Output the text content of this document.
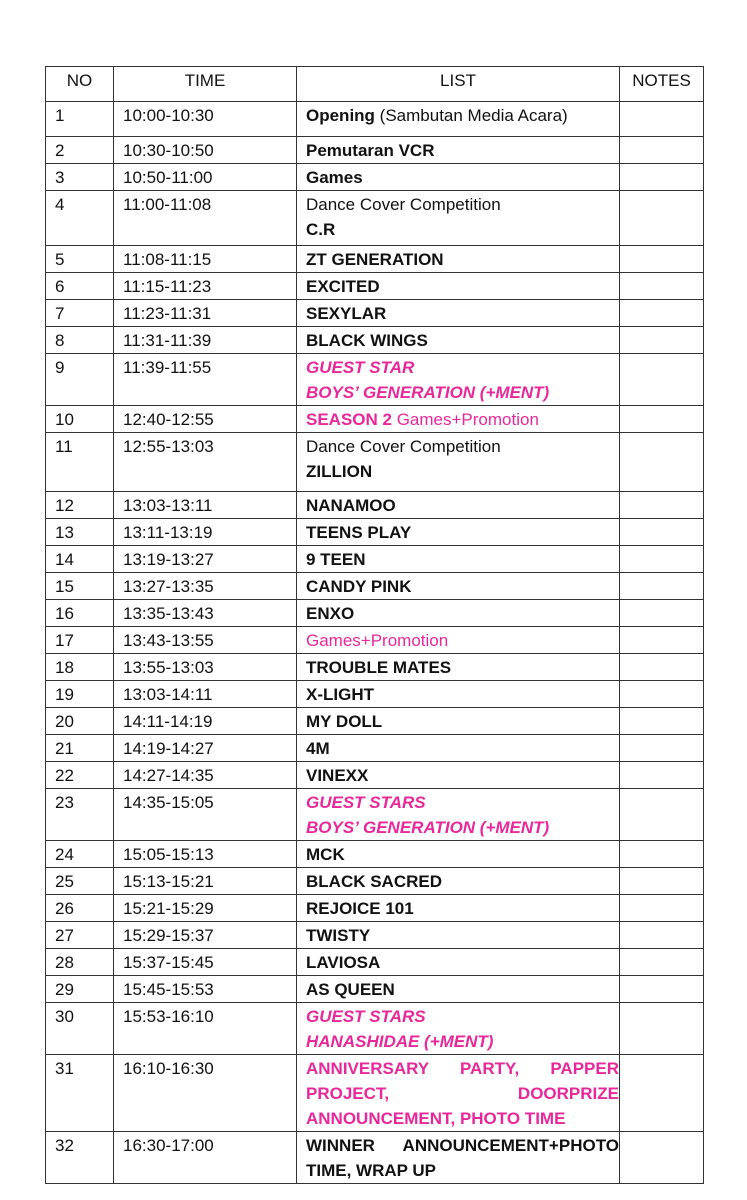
NO	TIME	LIST	NOTES
1	10:00-10:30	Opening (Sambutan Media Acara)	
2	10:30-10:50	Pemutaran VCR	
3	10:50-11:00	Games	
4	11:00-11:08	Dance Cover Competition
C.R	

5	11:08-11:15	ZT GENERATION	
6	11:15-11:23	EXCITED	
7	11:23-11:31	SEXYLAR	
8	11:31-11:39	BLACK WINGS	
9	11:39-11:55	GUEST STAR
BOYS’ GENERATION (+MENT)	

10	12:40-12:55	SEASON 2 Games+Promotion	
11	12:55-13:03	Dance Cover Competition
ZILLION	

12	13:03-13:11	NANAMOO	
13	13:11-13:19	TEENS PLAY	
14	13:19-13:27	9 TEEN	
15	13:27-13:35	CANDY PINK	
16	13:35-13:43	ENXO	
17	13:43-13:55	Games+Promotion	
18	13:55-13:03	TROUBLE MATES	
19	13:03-14:11	X-LIGHT	
20	14:11-14:19	MY DOLL	
21	14:19-14:27	4M	
22	14:27-14:35	VINEXX	
23	14:35-15:05	GUEST STARS
BOYS’ GENERATION (+MENT)	

24	15:05-15:13	MCK	
25	15:13-15:21	BLACK SACRED	
26	15:21-15:29	REJOICE 101	
27	15:29-15:37	TWISTY	
28	15:37-15:45	LAVIOSA	
29	15:45-15:53	AS QUEEN	
30	15:53-16:10	GUEST STARS
HANASHIDAE (+MENT)	

31	16:10-16:30	ANNIVERSARY PARTY, PAPPER
PROJECT, DOORPRIZE
ANNOUNCEMENT, PHOTO TIME	

32	16:30-17:00	WINNER ANNOUNCEMENT+PHOTO
TIME, WRAP UP	
